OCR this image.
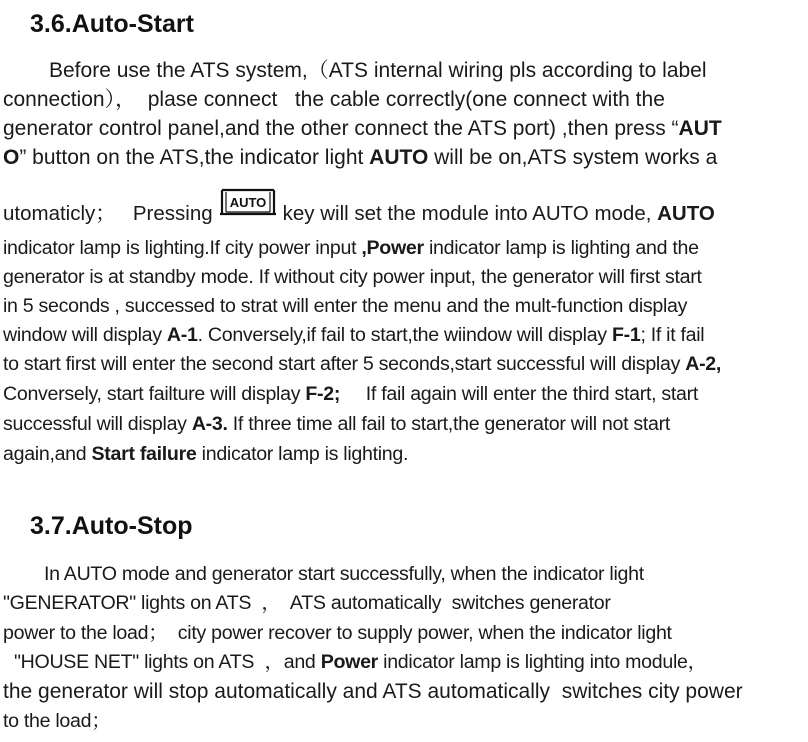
3.6.Auto-Start
Before use the ATS system,（ATS internal wiring pls according to label
connection），  plase connect   the cable correctly(one connect with the
generator control panel,and the other connect the ATS port) ,then press “AUT
O” button on the ATS,the indicator light AUTO will be on,ATS system works a
utomaticly；   Pressing AUTO key will set the module into AUTO mode, AUTO
indicator lamp is lighting.If city power input ,Power indicator lamp is lighting and the
generator is at standby mode. If without city power input, the generator will first start
in 5 seconds , successed to strat will enter the menu and the mult-function display
window will display A-1. Conversely,if fail to start,the wiindow will display F-1; If it fail
to start first will enter the second start after 5 seconds,start successful will display A-2,
Conversely, start failture will display F-2;     If fail again will enter the third start, start
successful will display A-3. If three time all fail to start,the generator will not start
again,and Start failure indicator lamp is lighting.
3.7.Auto-Stop
In AUTO mode and generator start successfully, when the indicator light
"GENERATOR" lights on ATS  ，  ATS automatically  switches generator
power to the load；  city power recover to supply power, when the indicator light
"HOUSE NET" lights on ATS  ，and Power indicator lamp is lighting into module，
the generator will stop automatically and ATS automatically  switches city power
to the load；
